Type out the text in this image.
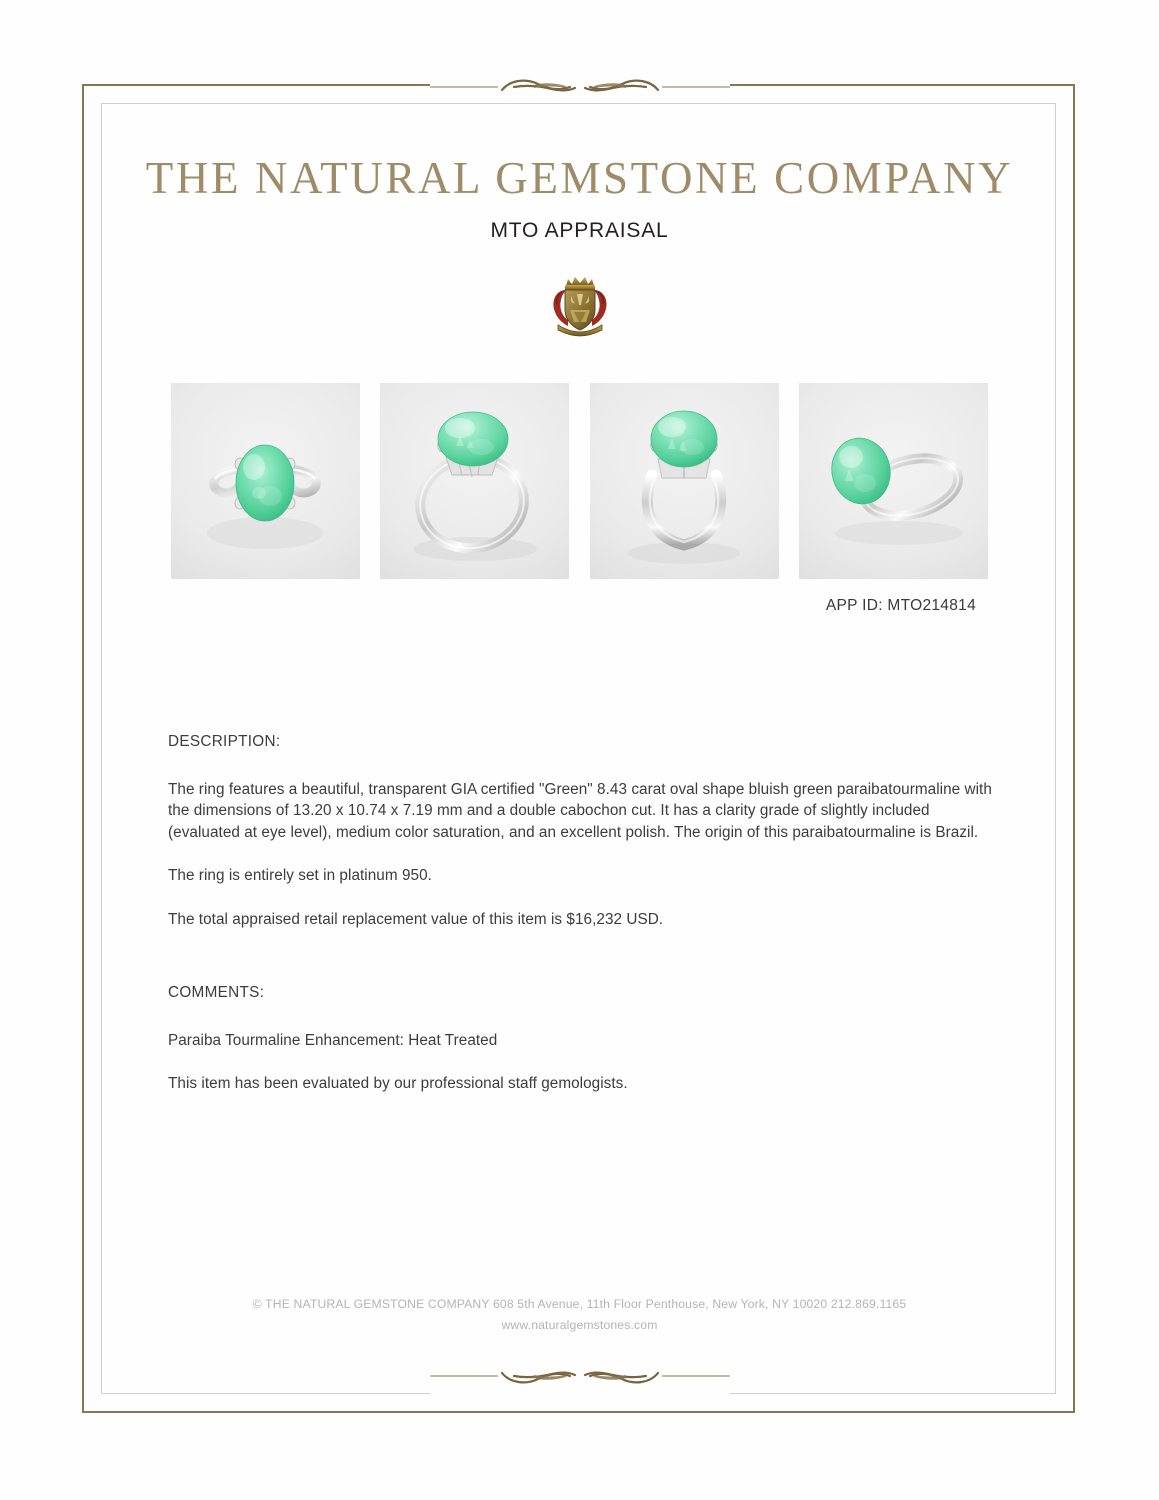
THE NATURAL GEMSTONE COMPANY
MTO APPRAISAL
APP ID: MTO214814

DESCRIPTION:

The ring features a beautiful, transparent GIA certified "Green" 8.43 carat oval shape bluish green paraibatourmaline with the dimensions of 13.20 x 10.74 x 7.19 mm and a double cabochon cut. It has a clarity grade of slightly included (evaluated at eye level), medium color saturation, and an excellent polish. The origin of this paraibatourmaline is Brazil.

The ring is entirely set in platinum 950.

The total appraised retail replacement value of this item is $16,232 USD.

COMMENTS:

Paraiba Tourmaline Enhancement: Heat Treated

This item has been evaluated by our professional staff gemologists.

© THE NATURAL GEMSTONE COMPANY 608 5th Avenue, 11th Floor Penthouse, New York, NY 10020 212.869.1165
www.naturalgemstones.com
